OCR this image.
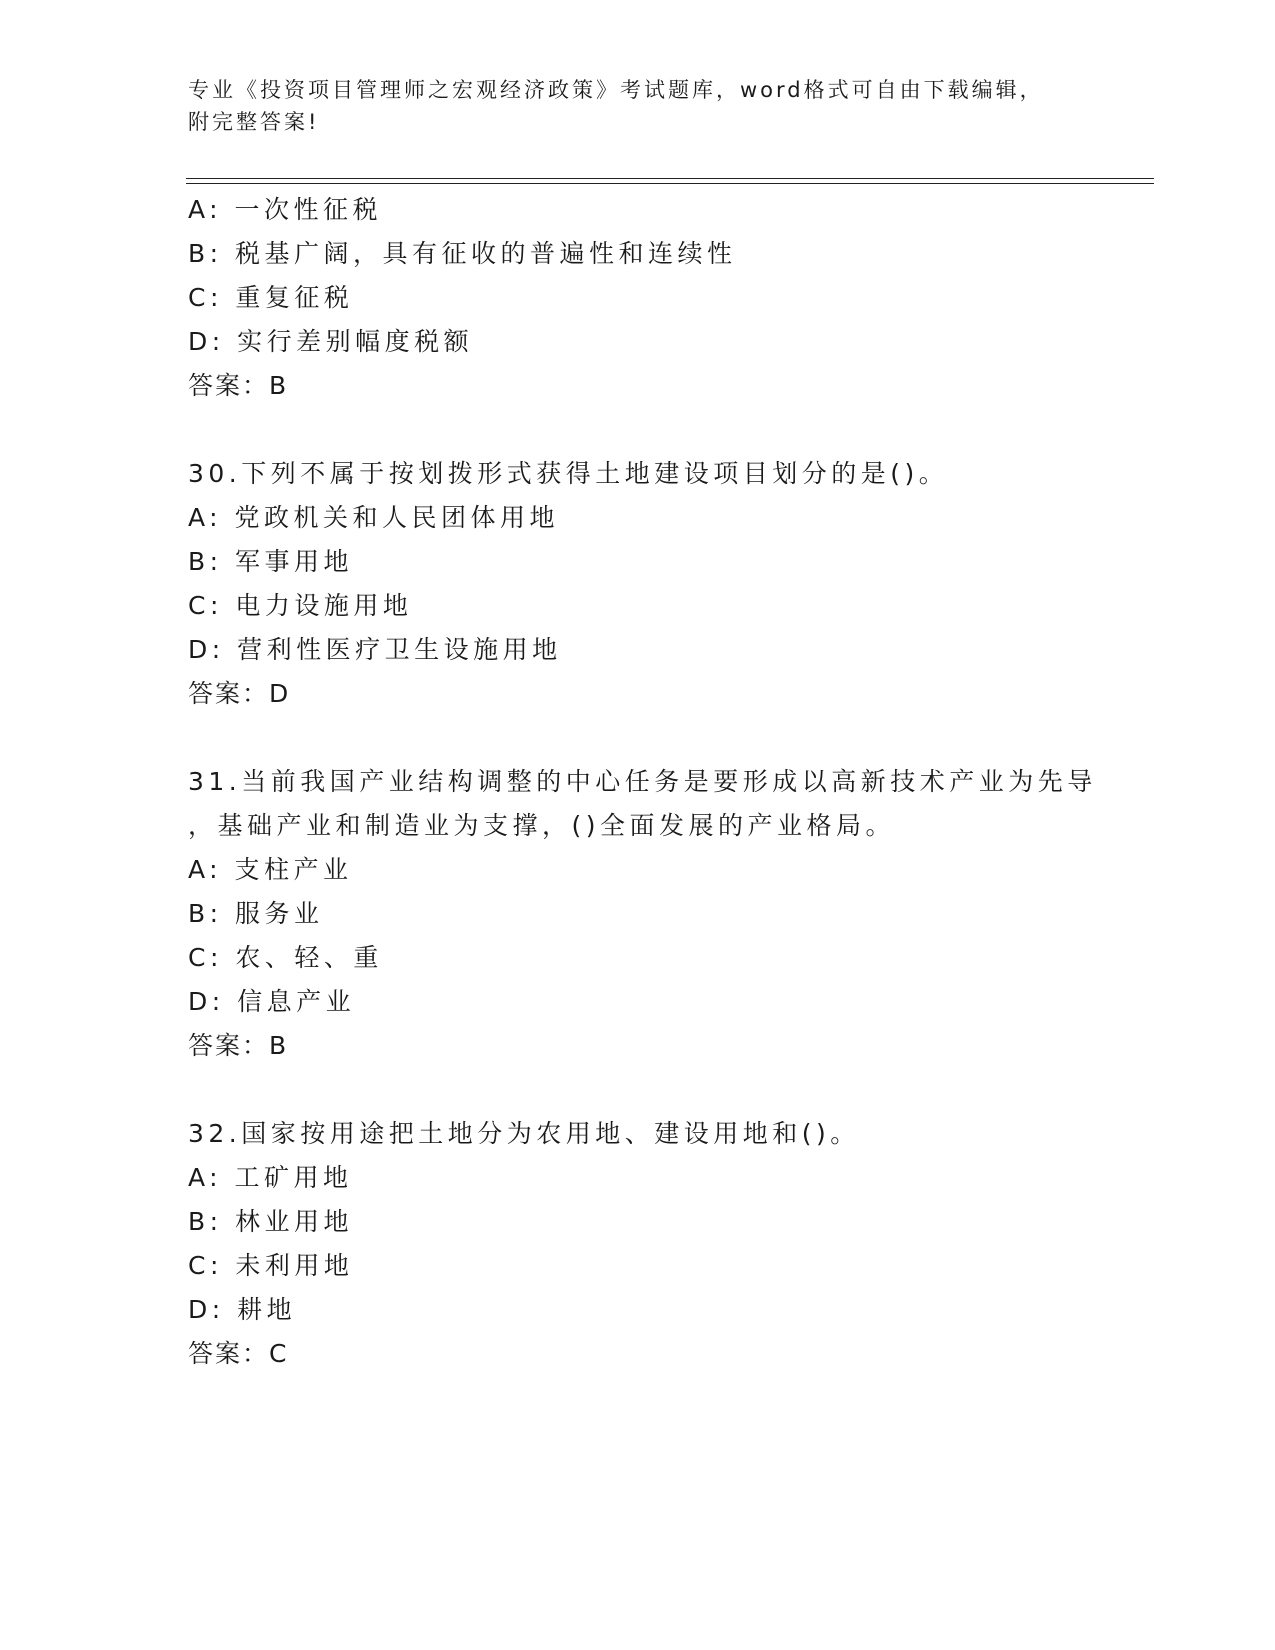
专业《投资项目管理师之宏观经济政策》考试题库，word格式可自由下载编辑，
附完整答案!
A: 一次性征税
B: 税基广阔，具有征收的普遍性和连续性
C: 重复征税
D: 实行差别幅度税额
答案：B
30.下列不属于按划拨形式获得土地建设项目划分的是()。
A: 党政机关和人民团体用地
B: 军事用地
C: 电力设施用地
D: 营利性医疗卫生设施用地
答案：D
31.当前我国产业结构调整的中心任务是要形成以高新技术产业为先导
，基础产业和制造业为支撑，()全面发展的产业格局。
A: 支柱产业
B: 服务业
C: 农、轻、重
D: 信息产业
答案：B
32.国家按用途把土地分为农用地、建设用地和()。
A: 工矿用地
B: 林业用地
C: 未利用地
D: 耕地
答案：C
